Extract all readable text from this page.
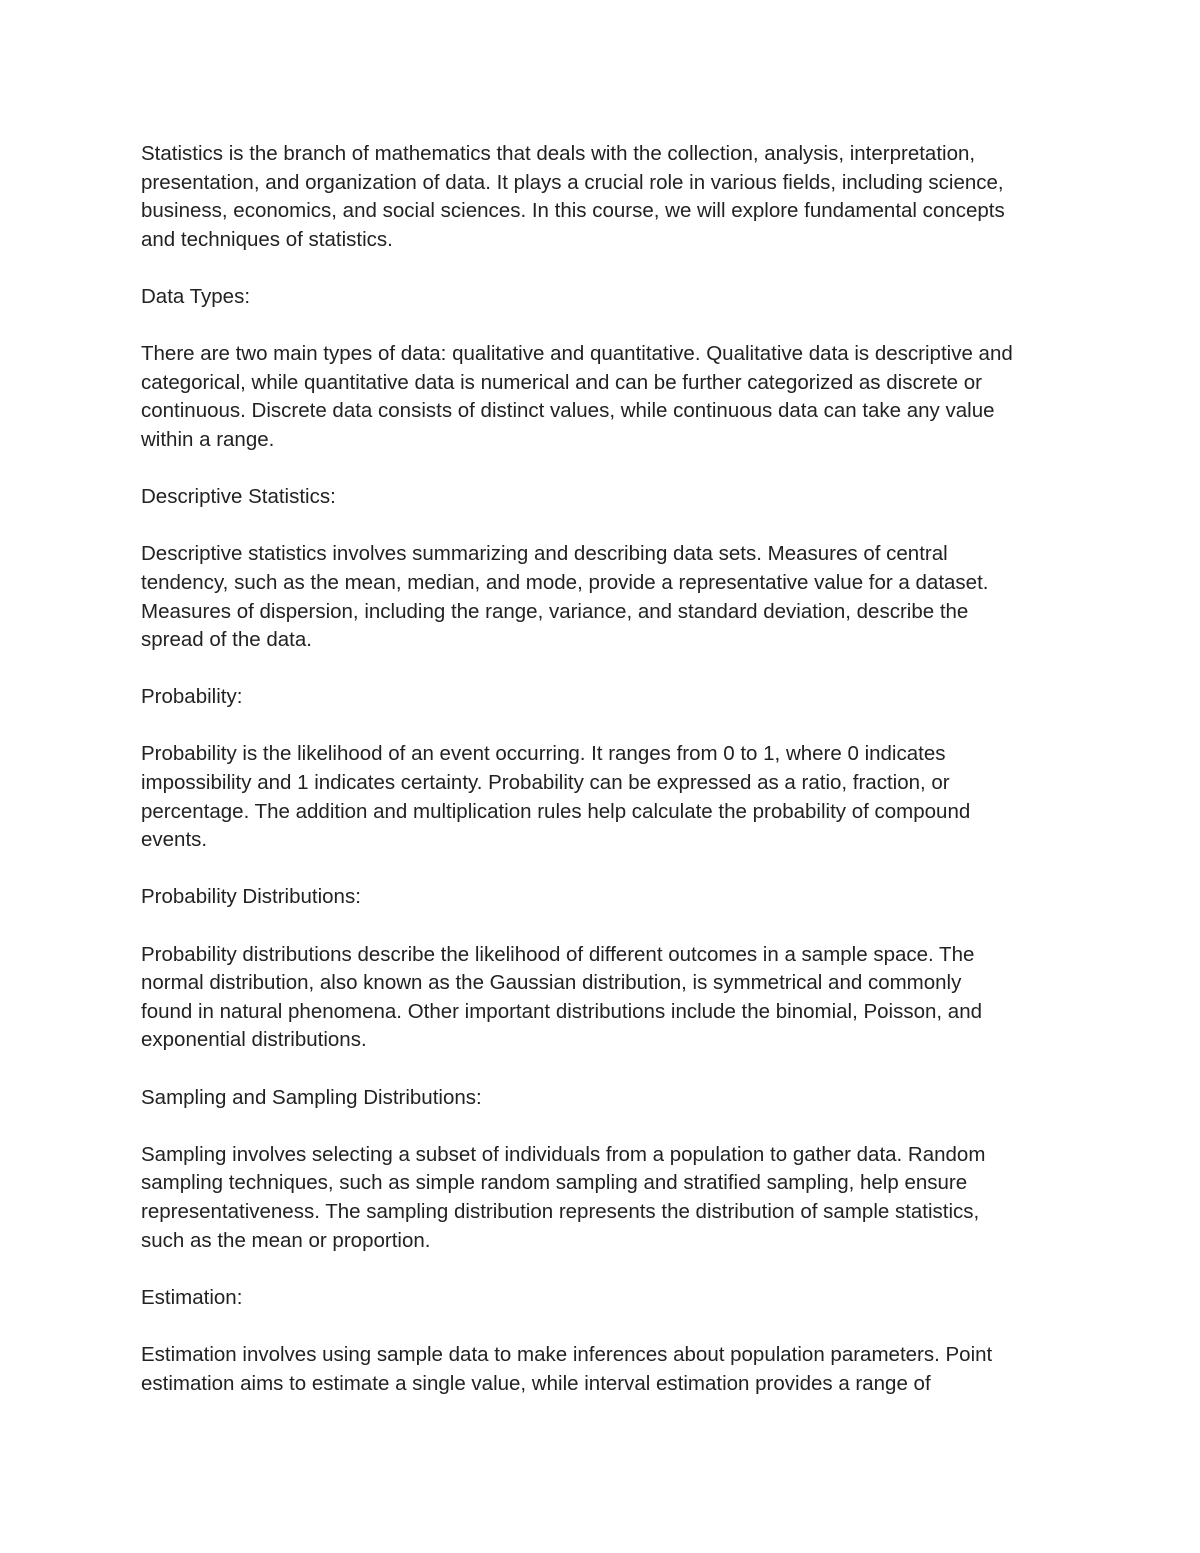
Statistics is the branch of mathematics that deals with the collection, analysis, interpretation,
presentation, and organization of data. It plays a crucial role in various fields, including science,
business, economics, and social sciences. In this course, we will explore fundamental concepts
and techniques of statistics.

Data Types:

There are two main types of data: qualitative and quantitative. Qualitative data is descriptive and
categorical, while quantitative data is numerical and can be further categorized as discrete or
continuous. Discrete data consists of distinct values, while continuous data can take any value
within a range.

Descriptive Statistics:

Descriptive statistics involves summarizing and describing data sets. Measures of central
tendency, such as the mean, median, and mode, provide a representative value for a dataset.
Measures of dispersion, including the range, variance, and standard deviation, describe the
spread of the data.

Probability:

Probability is the likelihood of an event occurring. It ranges from 0 to 1, where 0 indicates
impossibility and 1 indicates certainty. Probability can be expressed as a ratio, fraction, or
percentage. The addition and multiplication rules help calculate the probability of compound
events.

Probability Distributions:

Probability distributions describe the likelihood of different outcomes in a sample space. The
normal distribution, also known as the Gaussian distribution, is symmetrical and commonly
found in natural phenomena. Other important distributions include the binomial, Poisson, and
exponential distributions.

Sampling and Sampling Distributions:

Sampling involves selecting a subset of individuals from a population to gather data. Random
sampling techniques, such as simple random sampling and stratified sampling, help ensure
representativeness. The sampling distribution represents the distribution of sample statistics,
such as the mean or proportion.

Estimation:

Estimation involves using sample data to make inferences about population parameters. Point
estimation aims to estimate a single value, while interval estimation provides a range of
